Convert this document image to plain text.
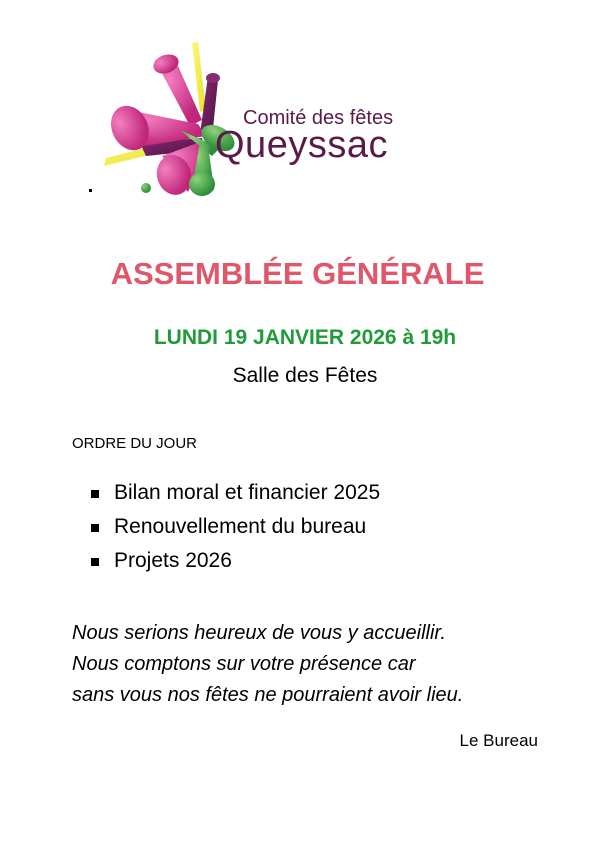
Comité des fêtes
Queyssac
ASSEMBLÉE GÉNÉRALE
LUNDI 19 JANVIER 2026 à 19h
Salle des Fêtes
ORDRE DU JOUR
Bilan moral et financier 2025
Renouvellement du bureau
Projets 2026
Nous serions heureux de vous y accueillir.
Nous comptons sur votre présence car
sans vous nos fêtes ne pourraient avoir lieu.
Le Bureau
